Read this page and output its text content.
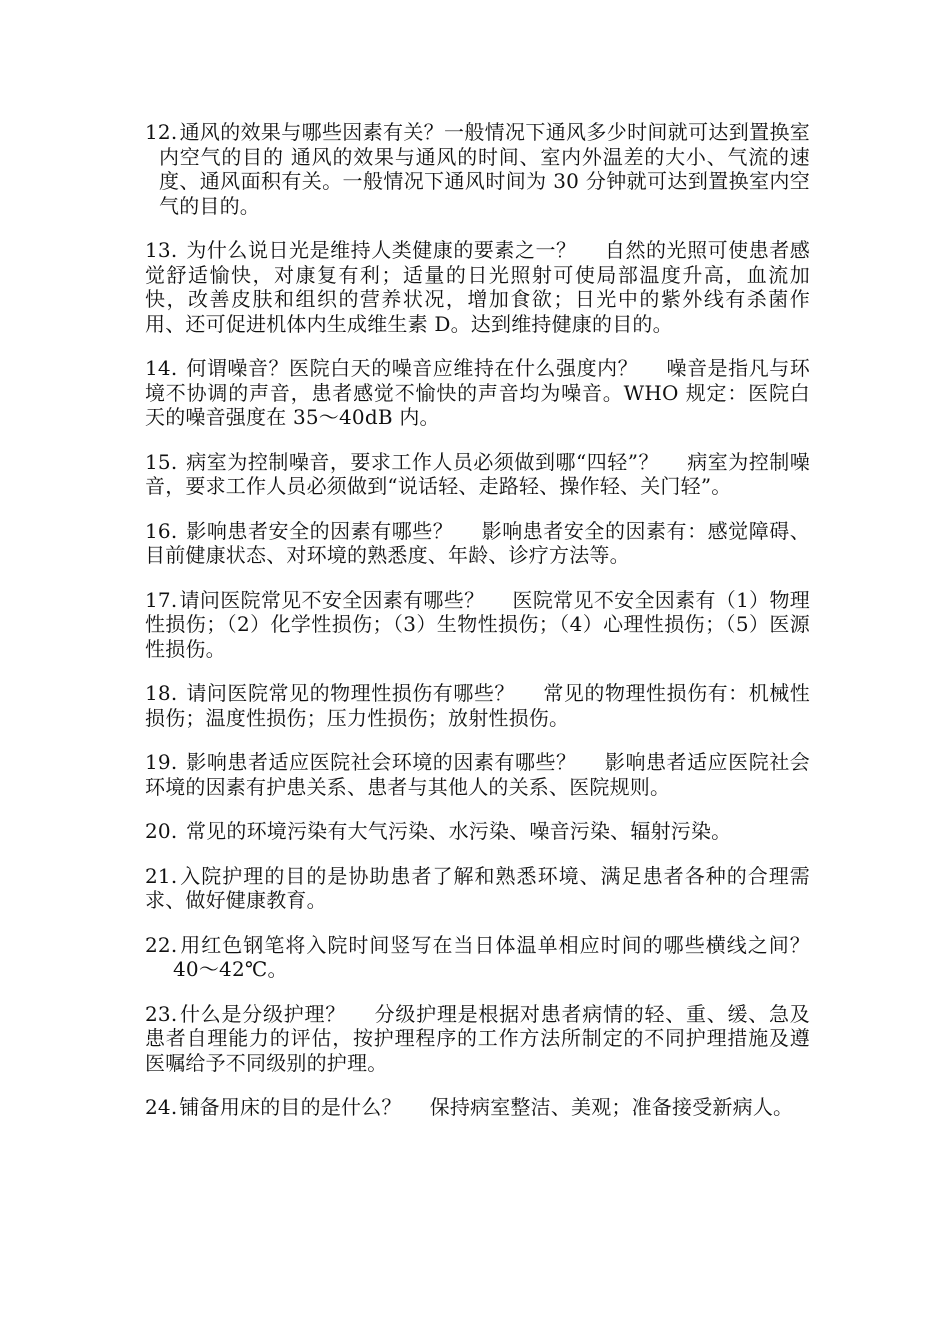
12. 通风的效果与哪些因素有关？一般情况下通风多少时间就可达到置换室内空气的目的 通风的效果与通风的时间、室内外温差的大小、气流的速度、通风面积有关。一般情况下通风时间为 30 分钟就可达到置换室内空气的目的。

13. 为什么说日光是维持人类健康的要素之一？ 自然的光照可使患者感觉舒适愉快，对康复有利；适量的日光照射可使局部温度升高，血流加快，改善皮肤和组织的营养状况，增加食欲；日光中的紫外线有杀菌作用、还可促进机体内生成维生素 D。达到维持健康的目的。

14. 何谓噪音？医院白天的噪音应维持在什么强度内？ 噪音是指凡与环境不协调的声音，患者感觉不愉快的声音均为噪音。WHO 规定：医院白天的噪音强度在 35～40dB 内。

15. 病室为控制噪音，要求工作人员必须做到哪“四轻”？ 病室为控制噪音，要求工作人员必须做到“说话轻、走路轻、操作轻、关门轻”。

16. 影响患者安全的因素有哪些？ 影响患者安全的因素有：感觉障碍、目前健康状态、对环境的熟悉度、年龄、诊疗方法等。

17. 请问医院常见不安全因素有哪些？ 医院常见不安全因素有（1）物理性损伤；（2）化学性损伤；（3）生物性损伤；（4）心理性损伤；（5）医源性损伤。

18. 请问医院常见的物理性损伤有哪些？ 常见的物理性损伤有：机械性损伤；温度性损伤；压力性损伤；放射性损伤。

19. 影响患者适应医院社会环境的因素有哪些？ 影响患者适应医院社会环境的因素有护患关系、患者与其他人的关系、医院规则。

20. 常见的环境污染有大气污染、水污染、噪音污染、辐射污染。

21. 入院护理的目的是协助患者了解和熟悉环境、满足患者各种的合理需求、做好健康教育。

22. 用红色钢笔将入院时间竖写在当日体温单相应时间的哪些横线之间？40～42℃。

23. 什么是分级护理？ 分级护理是根据对患者病情的轻、重、缓、急及患者自理能力的评估，按护理程序的工作方法所制定的不同护理措施及遵医嘱给予不同级别的护理。

24. 铺备用床的目的是什么？ 保持病室整洁、美观；准备接受新病人。
